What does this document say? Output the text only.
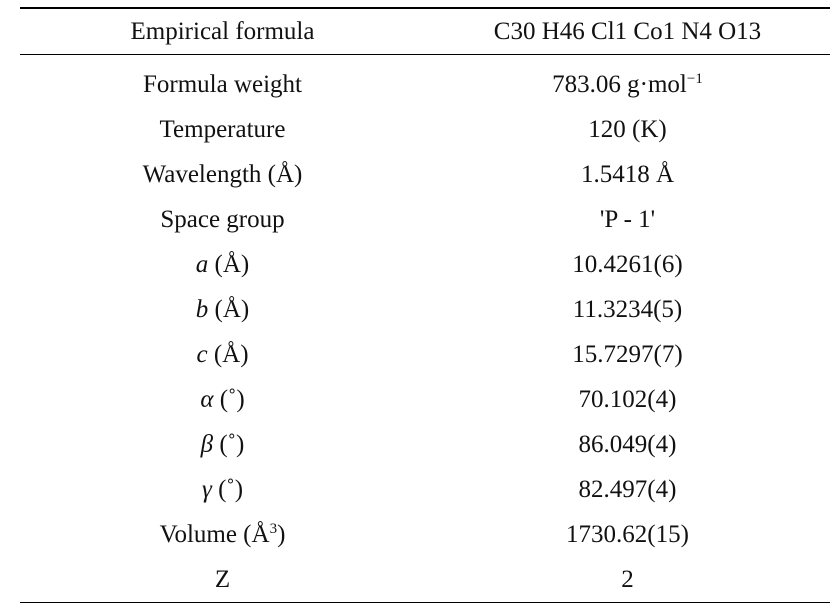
Empirical formula	C30 H46 Cl1 Co1 N4 O13
Formula weight	783.06 g·mol$^{-1}$
Temperature	120 (K)
Wavelength (Å)	1.5418 Å
Space group	'P - 1'
a (Å)	10.4261(6)
b (Å)	11.3234(5)
c (Å)	15.7297(7)
α (˚)	70.102(4)
β (˚)	86.049(4)
γ (˚)	82.497(4)
Volume $(Å^3)$	1730.62(15)
Z	2
